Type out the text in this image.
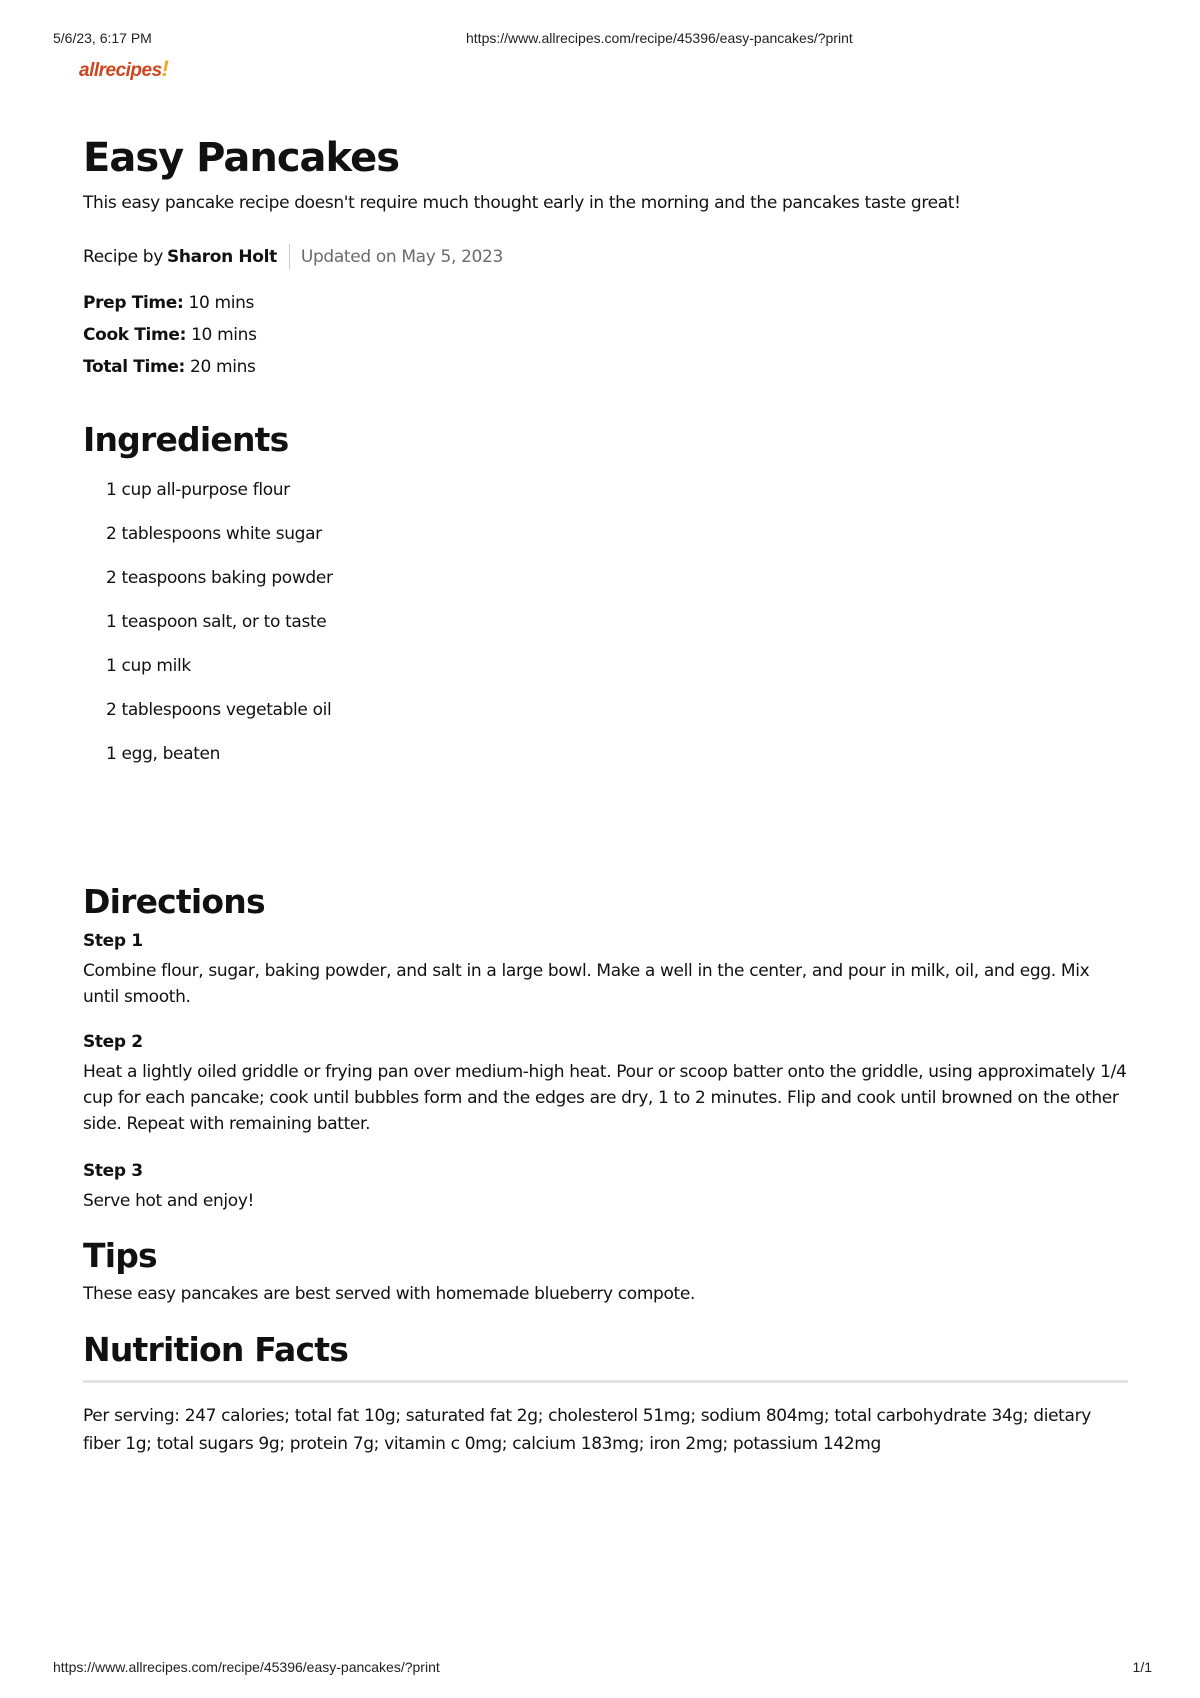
5/6/23, 6:17 PM	https://www.allrecipes.com/recipe/45396/easy-pancakes/?print
allrecipes!
Easy Pancakes
This easy pancake recipe doesn't require much thought early in the morning and the pancakes taste great!
Recipe by Sharon Holt Updated on May 5, 2023
Prep Time: 10 mins
Cook Time: 10 mins
Total Time: 20 mins
Ingredients
1 cup all-purpose flour
2 tablespoons white sugar
2 teaspoons baking powder
1 teaspoon salt, or to taste
1 cup milk
2 tablespoons vegetable oil
1 egg, beaten
Directions
Step 1
Combine flour, sugar, baking powder, and salt in a large bowl. Make a well in the center, and pour in milk, oil, and egg. Mix until smooth.
Step 2
Heat a lightly oiled griddle or frying pan over medium-high heat. Pour or scoop batter onto the griddle, using approximately 1/4 cup for each pancake; cook until bubbles form and the edges are dry, 1 to 2 minutes. Flip and cook until browned on the other side. Repeat with remaining batter.
Step 3
Serve hot and enjoy!
Tips
These easy pancakes are best served with homemade blueberry compote.
Nutrition Facts
Per serving: 247 calories; total fat 10g; saturated fat 2g; cholesterol 51mg; sodium 804mg; total carbohydrate 34g; dietary fiber 1g; total sugars 9g; protein 7g; vitamin c 0mg; calcium 183mg; iron 2mg; potassium 142mg
https://www.allrecipes.com/recipe/45396/easy-pancakes/?print	1/1
